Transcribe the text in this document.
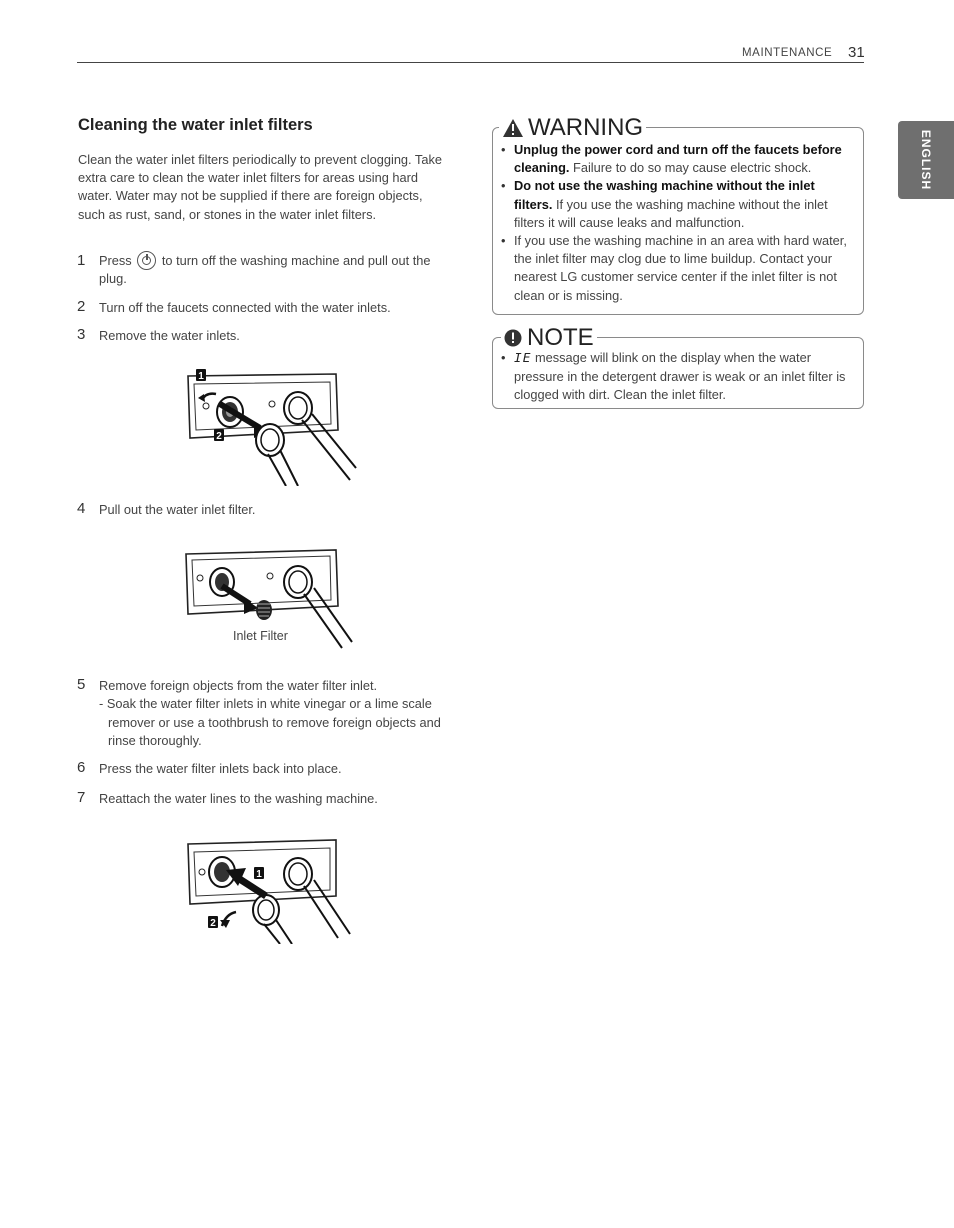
MAINTENANCE 31
ENGLISH
Cleaning the water inlet filters

Clean the water inlet filters periodically to prevent clogging. Take extra care to clean the water inlet filters for areas using hard water. Water may not be supplied if there are foreign objects, such as rust, sand, or stones in the water inlet filters.

1 Press to turn off the washing machine and pull out the plug.
2 Turn off the faucets connected with the water inlets.
3 Remove the water inlets.
1
2
4 Pull out the water inlet filter.
Inlet Filter
5 Remove foreign objects from the water filter inlet.
- Soak the water filter inlets in white vinegar or a lime scale remover or use a toothbrush to remove foreign objects and rinse thoroughly.
6 Press the water filter inlets back into place.
7 Reattach the water lines to the washing machine.
1
2
WARNING
• Unplug the power cord and turn off the faucets before cleaning. Failure to do so may cause electric shock.
• Do not use the washing machine without the inlet filters. If you use the washing machine without the inlet filters it will cause leaks and malfunction.
• If you use the washing machine in an area with hard water, the inlet filter may clog due to lime buildup. Contact your nearest LG customer service center if the inlet filter is not clean or is missing.
NOTE
• IE message will blink on the display when the water pressure in the detergent drawer is weak or an inlet filter is clogged with dirt. Clean the inlet filter.
